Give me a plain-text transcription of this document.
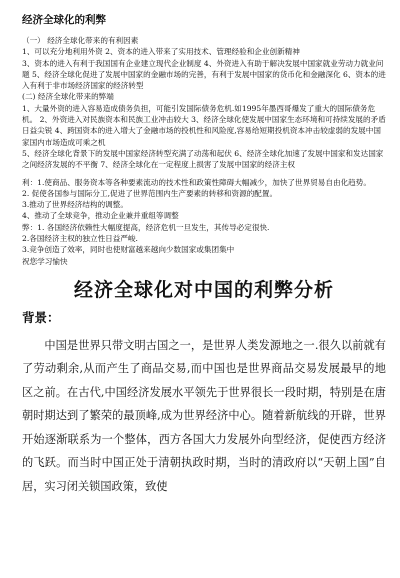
经济全球化的利弊

（一） 经济全球化带来的有利因素

1、可以充分地利用外资 2、资本的进入带来了实用技术、管理经验和企业创新精神

3、资本的进入有利于我国国有企业建立现代企业制度 4、外资进入有助于解决发展中国家就业劳动力就业问题 5、经济全球化促进了发展中国家的金融市场的完善，有利于发展中国家的货币化和金融深化 6、资本的进入有利于非市场经济国家的经济转型

(二) 经济全球化带来的弊端

1、大量外资的进入容易造成债务负担，可能引发国际债务危机.如1995年墨西哥爆发了重大的国际债务危机。 2、外资进入对民族资本和民族工业冲击较大 3、经济全球化使发展中国家生态环境和可持续发展的矛盾日益尖锐 4、跨国资本的进入增大了金融市场的投机性和风险度,容易给短期投机资本冲击较虚弱的发展中国家国内市场造成可乘之机

5、经济全球化背景下的发展中国家经济转型充满了动荡和起伏 6、经济全球化加速了发展中国家和发达国家之间经济发展的不平衡 7、经济全球化在一定程度上损害了发展中国家的经济主权

利：1.使商品、服务资本等各种要素流动的技术性和政策性障碍大幅减少，加快了世界贸易自由化趋势。

2. 促使各国参与国际分工,促进了世界范围内生产要素的转移和资源的配置。

3.推动了世界经济结构的调整。

4、推动了全球竞争，推动企业兼并重组等调整

弊：1. 各国经济依赖性大幅度提高，经济危机一旦发生，其传导必定很快.

2.各国经济主权的独立性日益严峻.

3.竞争创造了效率，同时也使财富越来越向少数国家或集团集中

祝您学习愉快

经济全球化对中国的利弊分析
背景：

中国是世界只带文明古国之一，是世界人类发源地之一.很久以前就有了劳动剩余,从而产生了商品交易,而中国也是世界商品交易发展最早的地区之前。在古代,中国经济发展水平领先于世界很长一段时期，特别是在唐朝时期达到了繁荣的最顶峰,成为世界经济中心。随着新航线的开辟，世界开始逐渐联系为一个整体，西方各国大力发展外向型经济，促使西方经济的飞跃。而当时中国正处于清朝执政时期，当时的清政府以“天朝上国”自居，实习闭关锁国政策，致使
